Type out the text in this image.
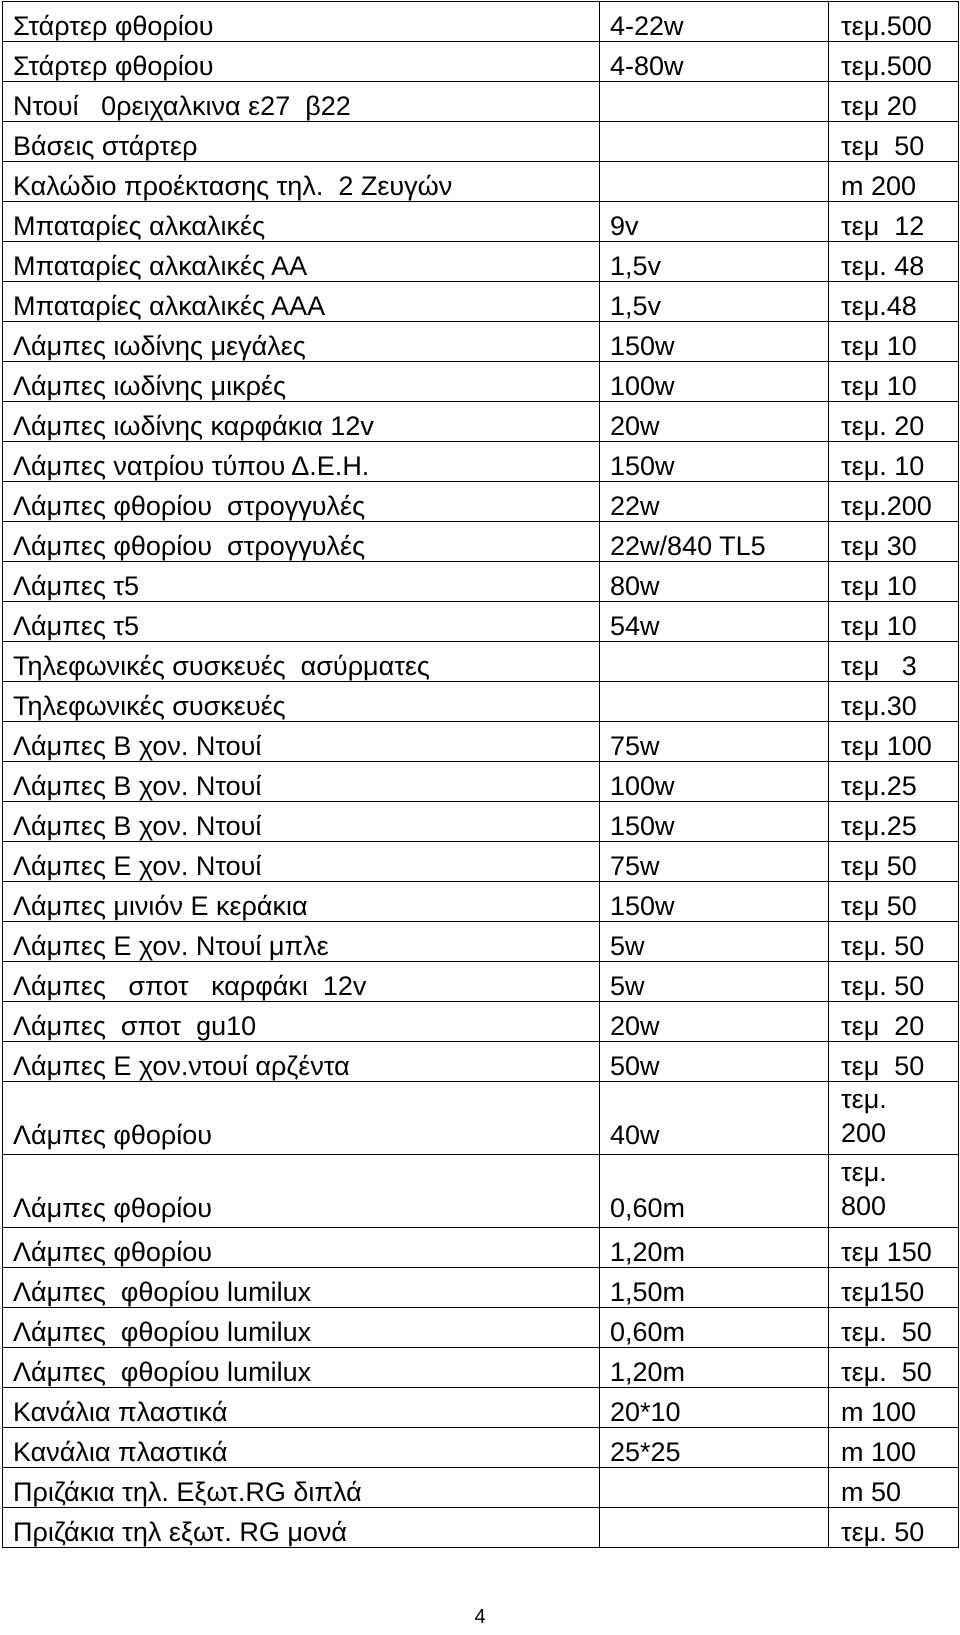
Στάρτερ φθορίου	4-22w	τεμ.500
Στάρτερ φθορίου	4-80w	τεμ.500
Ντουί   0ρειχαλκινα ε27  β22		τεμ 20
Βάσεις στάρτερ		τεμ  50
Καλώδιο προέκτασης τηλ.  2 Ζευγών		m 200
Μπαταρίες αλκαλικές	9v	τεμ  12
Μπαταρίες αλκαλικές ΑΑ	1,5v	τεμ. 48
Μπαταρίες αλκαλικές ΑΑΑ	1,5v	τεμ.48
Λάμπες ιωδίνης μεγάλες	150w	τεμ 10
Λάμπες ιωδίνης μικρές	100w	τεμ 10
Λάμπες ιωδίνης καρφάκια 12v	20w	τεμ. 20
Λάμπες νατρίου τύπου Δ.Ε.Η.	150w	τεμ. 10
Λάμπες φθορίου  στρογγυλές	22w	τεμ.200
Λάμπες φθορίου  στρογγυλές	22w/840 TL5	τεμ 30
Λάμπες τ5	80w	τεμ 10
Λάμπες τ5	54w	τεμ 10
Τηλεφωνικές συσκευές  ασύρματες		τεμ   3
Τηλεφωνικές συσκευές		τεμ.30
Λάμπες Β χον. Ντουί	75w	τεμ 100
Λάμπες Β χον. Ντουί	100w	τεμ.25
Λάμπες Β χον. Ντουί	150w	τεμ.25
Λάμπες Ε χον. Ντουί	75w	τεμ 50
Λάμπες μινιόν Ε κεράκια	150w	τεμ 50
Λάμπες Ε χον. Ντουί μπλε	5w	τεμ. 50
Λάμπες   σποτ   καρφάκι  12v	5w	τεμ. 50
Λάμπες  σποτ  gu10	20w	τεμ  20
Λάμπες Ε χον.ντουί αρζέντα	50w	τεμ  50
Λάμπες φθορίου	40w	τεμ.
200
Λάμπες φθορίου	0,60m	τεμ.
800
Λάμπες φθορίου	1,20m	τεμ 150
Λάμπες  φθορίου lumilux	1,50m	τεμ150
Λάμπες  φθορίου lumilux	0,60m	τεμ.  50
Λάμπες  φθορίου lumilux	1,20m	τεμ.  50
Κανάλια πλαστικά	20*10	m 100
Κανάλια πλαστικά	25*25	m 100
Πριζάκια τηλ. Εξωτ.RG διπλά		m 50
Πριζάκια τηλ εξωτ. RG μονά		τεμ. 50
4
